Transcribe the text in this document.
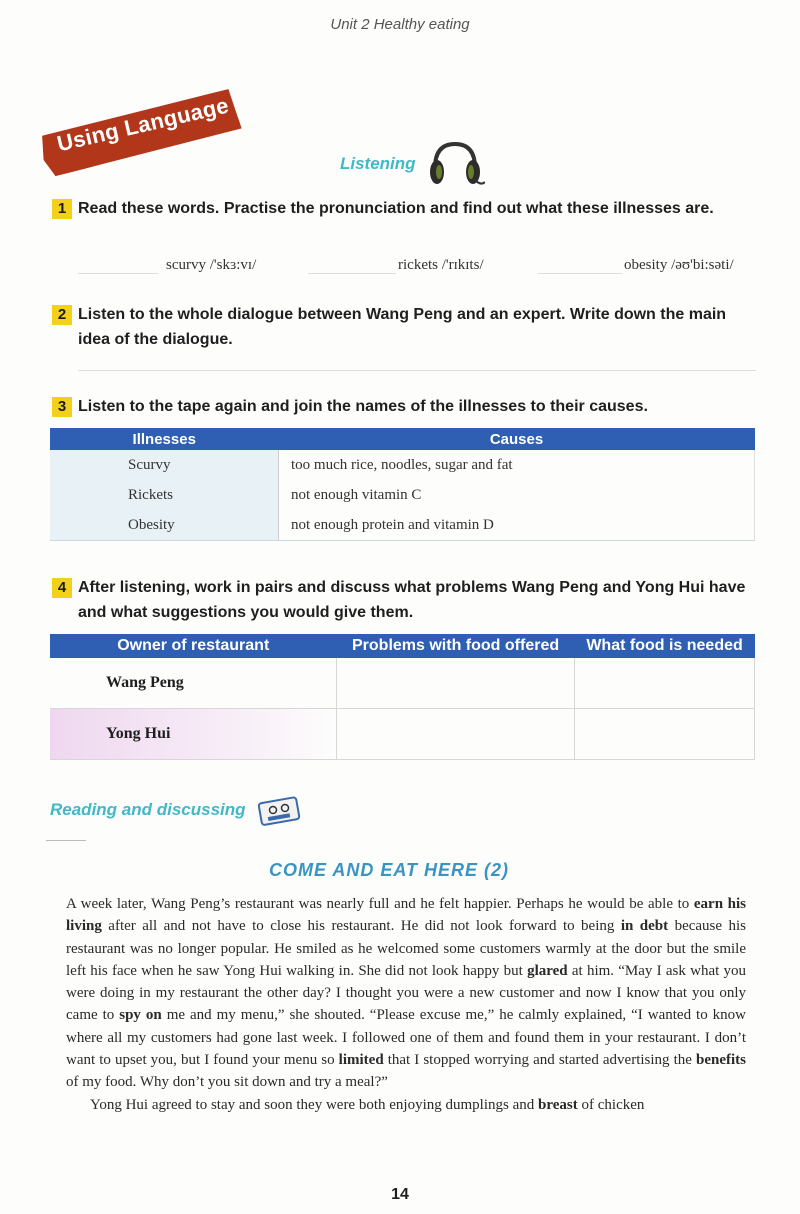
Unit 2 Healthy eating
Using Language
Listening
1 Read these words. Practise the pronunciation and find out what these illnesses are.
scurvy /'skɜ:vɪ/	rickets /'rɪkɪts/	obesity /əʊ'bi:səti/
2 Listen to the whole dialogue between Wang Peng and an expert. Write down the main idea of the dialogue.
3 Listen to the tape again and join the names of the illnesses to their causes.
Illnesses	Causes
Scurvy	too much rice, noodles, sugar and fat
Rickets	not enough vitamin C
Obesity	not enough protein and vitamin D
4 After listening, work in pairs and discuss what problems Wang Peng and Yong Hui have and what suggestions you would give them.
Owner of restaurant	Problems with food offered	What food is needed
Wang Peng		
Yong Hui		
Reading and discussing
COME AND EAT HERE (2)

A week later, Wang Peng’s restaurant was nearly full and he felt happier. Perhaps he would be able to earn his living after all and not have to close his restaurant. He did not look forward to being in debt because his restaurant was no longer popular. He smiled as he welcomed some customers warmly at the door but the smile left his face when he saw Yong Hui walking in. She did not look happy but glared at him. “May I ask what you were doing in my restaurant the other day? I thought you were a new customer and now I know that you only came to spy on me and my menu,” she shouted. “Please excuse me,” he calmly explained, “I wanted to know where all my customers had gone last week. I followed one of them and found them in your restaurant. I don’t want to upset you, but I found your menu so limited that I stopped worrying and started advertising the benefits of my food. Why don’t you sit down and try a meal?”

Yong Hui agreed to stay and soon they were both enjoying dumplings and breast of chicken

14
